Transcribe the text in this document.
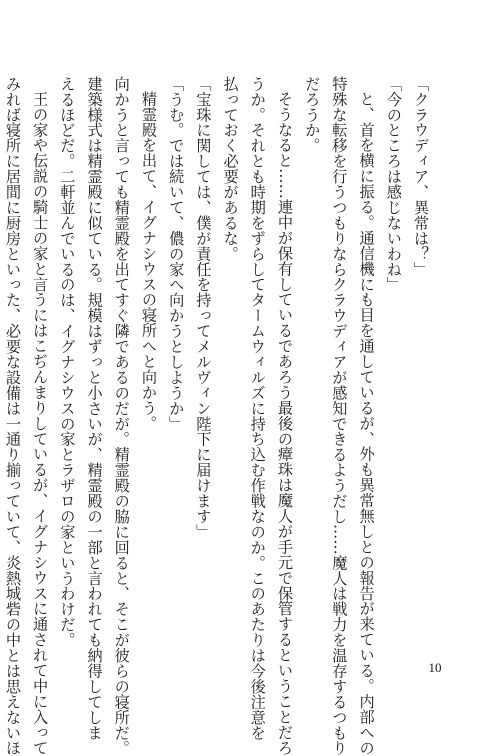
「クラウディア、異常は？」
「今のところは感じないわね」
と、首を横に振る。通信機にも目を通しているが、外も異常無しとの報告が来ている。内部への
特殊な転移を行うつもりならクラウディアが感知できるようだし……魔人は戦力を温存するつもり
だろうか。
そうなると……連中が保有しているであろう最後の瘴珠は魔人が手元で保管するということだろ
うか。それとも時期をずらしてタームウィルズに持ち込む作戦なのか。このあたりは今後注意を
払っておく必要があるな。
「宝珠に関しては、僕が責任を持ってメルヴィン陛下に届けます」
「うむ。では続いて、儂の家へ向かうとしようか」
精霊殿を出て、イグナシウスの寝所へと向かう。
向かうと言っても精霊殿を出てすぐ隣であるのだが。精霊殿の脇に回ると、そこが彼らの寝所だ。
建築様式は精霊殿に似ている。規模はずっと小さいが、精霊殿の一部と言われても納得してしま
えるほどだ。二軒並んでいるのは、イグナシウスの家とラザロの家というわけだ。
王の家や伝説の騎士の家と言うにはこぢんまりしているが、イグナシウスに通されて中に入って
みれば寝所に居間に厨房といった、必要な設備は一通り揃っていて、炎熱城砦の中とは思えないほ	10
